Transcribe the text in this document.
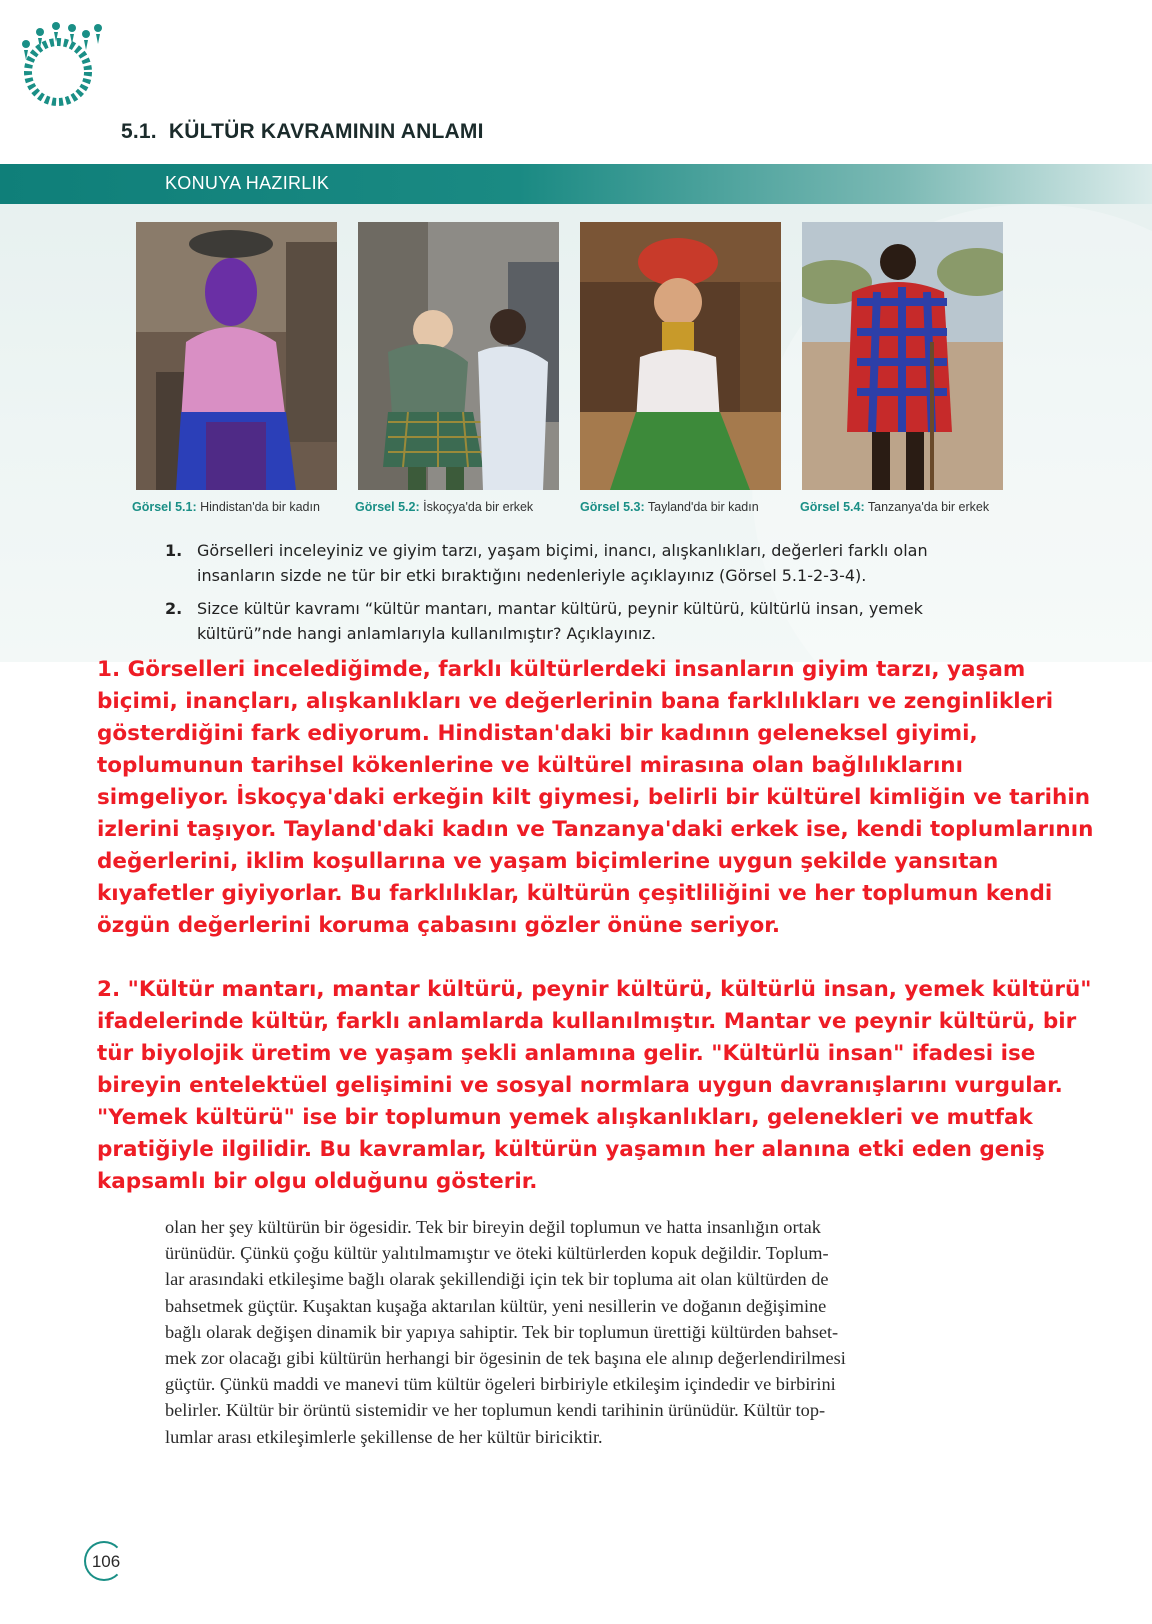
5.1. KÜLTÜR KAVRAMININ ANLAMI
KONUYA HAZIRLIK
Görsel 5.1: Hindistan'da bir kadın	Görsel 5.2: İskoçya'da bir erkek	Görsel 5.3: Tayland'da bir kadın	Görsel 5.4: Tanzanya'da bir erkek
1. Görselleri inceleyiniz ve giyim tarzı, yaşam biçimi, inancı, alışkanlıkları, değerleri farklı olan
insanların sizde ne tür bir etki bıraktığını nedenleriyle açıklayınız (Görsel 5.1-2-3-4).
2. Sizce kültür kavramı “kültür mantarı, mantar kültürü, peynir kültürü, kültürlü insan, yemek
kültürü”nde hangi anlamlarıyla kullanılmıştır? Açıklayınız.

1. Görselleri incelediğimde, farklı kültürlerdeki insanların giyim tarzı, yaşam biçimi, inançları, alışkanlıkları ve değerlerinin bana farklılıkları ve zenginlikleri gösterdiğini fark ediyorum. Hindistan'daki bir kadının geleneksel giyimi, toplumunun tarihsel kökenlerine ve kültürel mirasına olan bağlılıklarını simgeliyor. İskoçya'daki erkeğin kilt giymesi, belirli bir kültürel kimliğin ve tarihin izlerini taşıyor. Tayland'daki kadın ve Tanzanya'daki erkek ise, kendi toplumlarının değerlerini, iklim koşullarına ve yaşam biçimlerine uygun şekilde yansıtan kıyafetler giyiyorlar. Bu farklılıklar, kültürün çeşitliliğini ve her toplumun kendi özgün değerlerini koruma çabasını gözler önüne seriyor.

2. "Kültür mantarı, mantar kültürü, peynir kültürü, kültürlü insan, yemek kültürü" ifadelerinde kültür, farklı anlamlarda kullanılmıştır. Mantar ve peynir kültürü, bir tür biyolojik üretim ve yaşam şekli anlamına gelir. "Kültürlü insan" ifadesi ise bireyin entelektüel gelişimini ve sosyal normlara uygun davranışlarını vurgular. "Yemek kültürü" ise bir toplumun yemek alışkanlıkları, gelenekleri ve mutfak pratiğiyle ilgilidir. Bu kavramlar, kültürün yaşamın her alanına etki eden geniş kapsamlı bir olgu olduğunu gösterir.

olan her şey kültürün bir ögesidir. Tek bir bireyin değil toplumun ve hatta insanlığın ortak
ürünüdür. Çünkü çoğu kültür yalıtılmamıştır ve öteki kültürlerden kopuk değildir. Toplum-
lar arasındaki etkileşime bağlı olarak şekillendiği için tek bir topluma ait olan kültürden de
bahsetmek güçtür. Kuşaktan kuşağa aktarılan kültür, yeni nesillerin ve doğanın değişimine
bağlı olarak değişen dinamik bir yapıya sahiptir. Tek bir toplumun ürettiği kültürden bahset-
mek zor olacağı gibi kültürün herhangi bir ögesinin de tek başına ele alınıp değerlendirilmesi
güçtür. Çünkü maddi ve manevi tüm kültür ögeleri birbiriyle etkileşim içindedir ve birbirini
belirler. Kültür bir örüntü sistemidir ve her toplumun kendi tarihinin ürünüdür. Kültür top-
lumlar arası etkileşimlerle şekillense de her kültür biriciktir.
106
